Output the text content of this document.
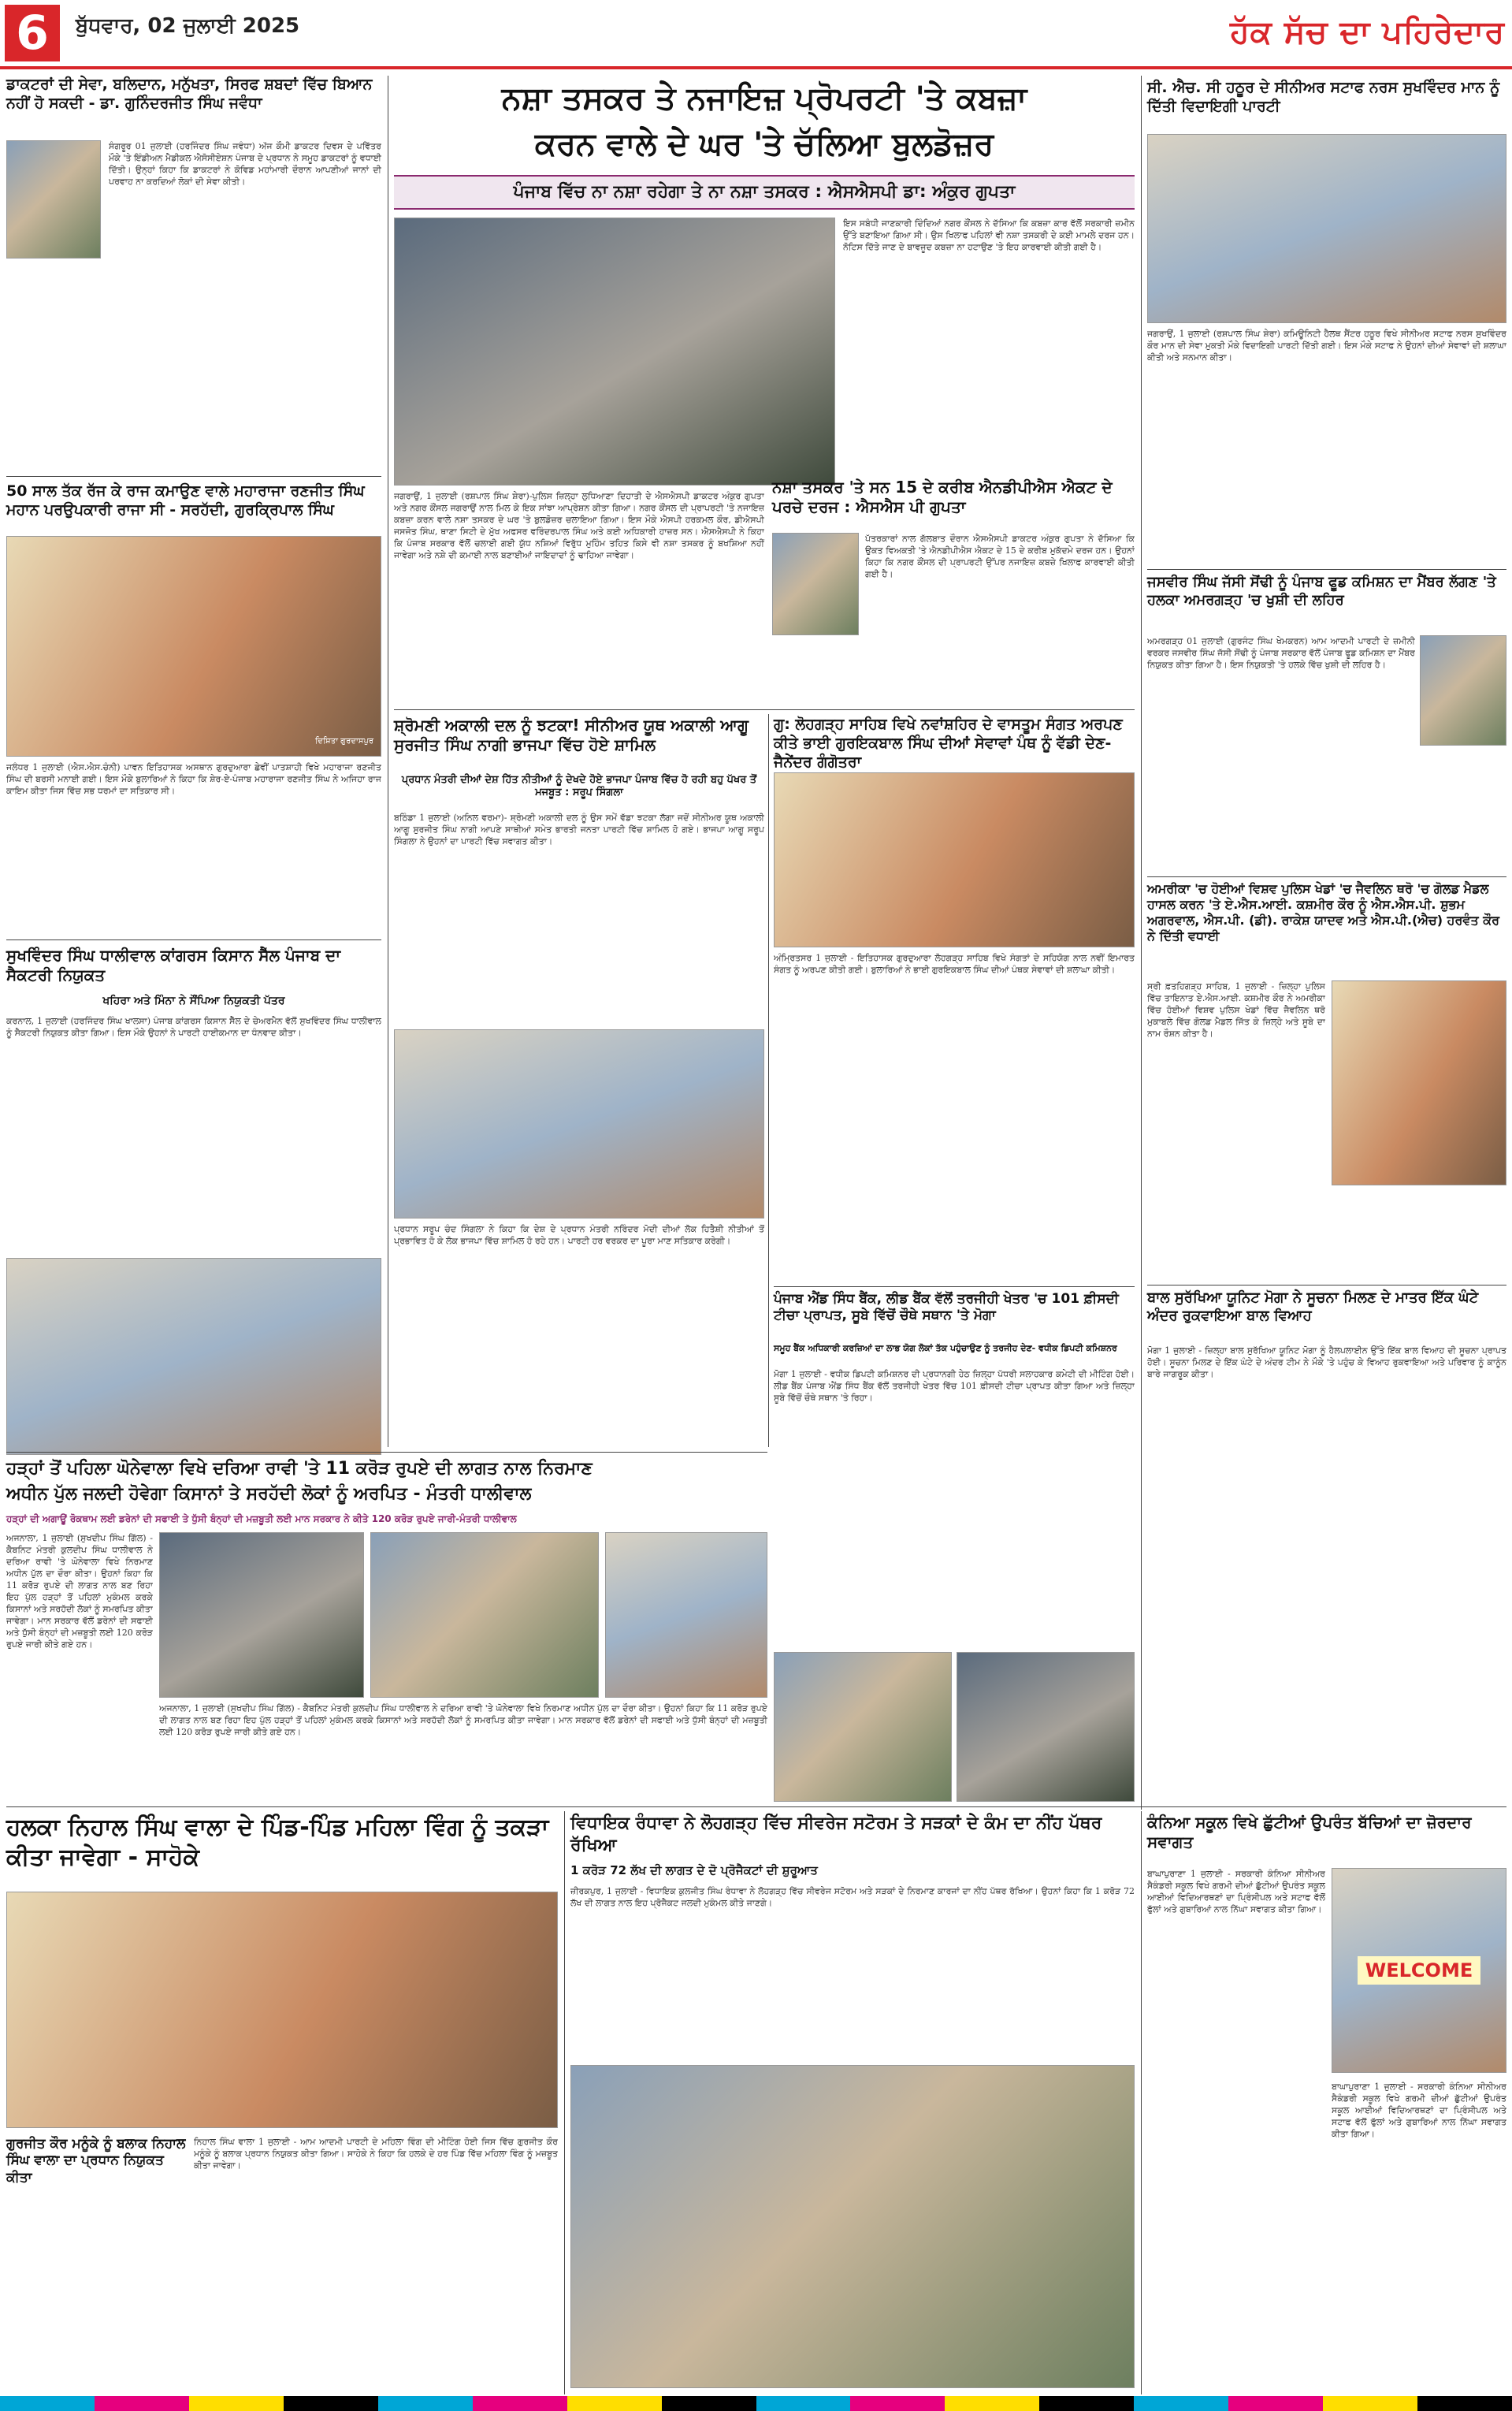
6	ਬੁੱਧਵਾਰ, 02 ਜੁਲਾਈ 2025	ਹੱਕ ਸੱਚ ਦਾ ਪਹਿਰੇਦਾਰ
ਡਾਕਟਰਾਂ ਦੀ ਸੇਵਾ, ਬਲਿਦਾਨ, ਮਨੁੱਖਤਾ, ਸਿਰਫ ਸ਼ਬਦਾਂ ਵਿੱਚ ਬਿਆਨ ਨਹੀਂ ਹੋ ਸਕਦੀ - ਡਾ. ਗੁਨਿੰਦਰਜੀਤ ਸਿੰਘ ਜਵੰਧਾ
ਸੰਗਰੂਰ 01 ਜੁਲਾਈ (ਹਰਜਿੰਦਰ ਸਿੰਘ ਜਵੰਧਾ) ਅੱਜ ਕੌਮੀ ਡਾਕਟਰ ਦਿਵਸ ਦੇ ਪਵਿੱਤਰ ਮੌਕੇ 'ਤੇ ਇੰਡੀਅਨ ਮੈਡੀਕਲ ਐਸੋਸੀਏਸ਼ਨ ਪੰਜਾਬ ਦੇ ਪ੍ਰਧਾਨ ਨੇ ਸਮੂਹ ਡਾਕਟਰਾਂ ਨੂੰ ਵਧਾਈ ਦਿੱਤੀ। ਉਨ੍ਹਾਂ ਕਿਹਾ ਕਿ ਡਾਕਟਰਾਂ ਨੇ ਕੋਵਿਡ ਮਹਾਂਮਾਰੀ ਦੌਰਾਨ ਆਪਣੀਆਂ ਜਾਨਾਂ ਦੀ ਪਰਵਾਹ ਨਾ ਕਰਦਿਆਂ ਲੋਕਾਂ ਦੀ ਸੇਵਾ ਕੀਤੀ।
50 ਸਾਲ ਤੱਕ ਰੱਜ ਕੇ ਰਾਜ ਕਮਾਉਣ ਵਾਲੇ ਮਹਾਰਾਜਾ ਰਣਜੀਤ ਸਿੰਘ ਮਹਾਨ ਪਰਉਪਕਾਰੀ ਰਾਜਾ ਸੀ - ਸਰਹੱਦੀ, ਗੁਰਕ੍ਰਿਪਾਲ ਸਿੰਘ
ਦਿਸ਼ਿਤਾ ਗੁਰਦਾਸਪੁਰ
ਜਲੰਧਰ 1 ਜੁਲਾਈ (ਐਸ.ਐਸ.ਚੰਨੀ) ਪਾਵਨ ਇਤਿਹਾਸਕ ਅਸਥਾਨ ਗੁਰਦੁਆਰਾ ਛੇਵੀਂ ਪਾਤਸ਼ਾਹੀ ਵਿਖੇ ਮਹਾਰਾਜਾ ਰਣਜੀਤ ਸਿੰਘ ਦੀ ਬਰਸੀ ਮਨਾਈ ਗਈ। ਇਸ ਮੌਕੇ ਬੁਲਾਰਿਆਂ ਨੇ ਕਿਹਾ ਕਿ ਸ਼ੇਰ-ਏ-ਪੰਜਾਬ ਮਹਾਰਾਜਾ ਰਣਜੀਤ ਸਿੰਘ ਨੇ ਅਜਿਹਾ ਰਾਜ ਕਾਇਮ ਕੀਤਾ ਜਿਸ ਵਿੱਚ ਸਭ ਧਰਮਾਂ ਦਾ ਸਤਿਕਾਰ ਸੀ।
ਸੁਖਵਿੰਦਰ ਸਿੰਘ ਧਾਲੀਵਾਲ ਕਾਂਗਰਸ ਕਿਸਾਨ ਸੈੱਲ ਪੰਜਾਬ ਦਾ ਸੈਕਟਰੀ ਨਿਯੁਕਤ
ਖਹਿਰਾ ਅਤੇ ਮਿੰਨਾ ਨੇ ਸੌਂਪਿਆ ਨਿਯੁਕਤੀ ਪੱਤਰ
ਕਰਨਾਲ, 1 ਜੁਲਾਈ (ਹਰਜਿੰਦਰ ਸਿੰਘ ਖਾਲਸਾ) ਪੰਜਾਬ ਕਾਂਗਰਸ ਕਿਸਾਨ ਸੈੱਲ ਦੇ ਚੇਅਰਮੈਨ ਵੱਲੋਂ ਸੁਖਵਿੰਦਰ ਸਿੰਘ ਧਾਲੀਵਾਲ ਨੂੰ ਸੈਕਟਰੀ ਨਿਯੁਕਤ ਕੀਤਾ ਗਿਆ। ਇਸ ਮੌਕੇ ਉਹਨਾਂ ਨੇ ਪਾਰਟੀ ਹਾਈਕਮਾਨ ਦਾ ਧੰਨਵਾਦ ਕੀਤਾ।
ਨਸ਼ਾ ਤਸਕਰ ਤੇ ਨਜਾਇਜ਼ ਪ੍ਰੋਪਰਟੀ 'ਤੇ ਕਬਜ਼ਾ
ਕਰਨ ਵਾਲੇ ਦੇ ਘਰ 'ਤੇ ਚੱਲਿਆ ਬੁਲਡੋਜ਼ਰ
ਪੰਜਾਬ ਵਿੱਚ ਨਾ ਨਸ਼ਾ ਰਹੇਗਾ ਤੇ ਨਾ ਨਸ਼ਾ ਤਸਕਰ : ਐਸਐਸਪੀ ਡਾ: ਅੰਕੁਰ ਗੁਪਤਾ
ਇਸ ਸਬੰਧੀ ਜਾਣਕਾਰੀ ਦਿੰਦਿਆਂ ਨਗਰ ਕੌਂਸਲ ਨੇ ਦੱਸਿਆ ਕਿ ਕਬਜ਼ਾ ਕਾਰ ਵੱਲੋਂ ਸਰਕਾਰੀ ਜ਼ਮੀਨ ਉੱਤੇ ਬਣਾਇਆ ਗਿਆ ਸੀ। ਉਸ ਖਿਲਾਫ ਪਹਿਲਾਂ ਵੀ ਨਸ਼ਾ ਤਸਕਰੀ ਦੇ ਕਈ ਮਾਮਲੇ ਦਰਜ ਹਨ। ਨੋਟਿਸ ਦਿੱਤੇ ਜਾਣ ਦੇ ਬਾਵਜੂਦ ਕਬਜ਼ਾ ਨਾ ਹਟਾਉਣ 'ਤੇ ਇਹ ਕਾਰਵਾਈ ਕੀਤੀ ਗਈ ਹੈ।
ਜਗਰਾਉਂ, 1 ਜੁਲਾਈ (ਰਸ਼ਪਾਲ ਸਿੰਘ ਸ਼ੇਰਾ)-ਪੁਲਿਸ ਜ਼ਿਲ੍ਹਾ ਲੁਧਿਆਣਾ ਦਿਹਾਤੀ ਦੇ ਐਸਐਸਪੀ ਡਾਕਟਰ ਅੰਕੁਰ ਗੁਪਤਾ ਅਤੇ ਨਗਰ ਕੌਂਸਲ ਜਗਰਾਉਂ ਨਾਲ ਮਿਲ ਕੇ ਇਕ ਸਾਂਝਾ ਆਪ੍ਰੇਸ਼ਨ ਕੀਤਾ ਗਿਆ। ਨਗਰ ਕੌਂਸਲ ਦੀ ਪ੍ਰਾਪਰਟੀ 'ਤੇ ਨਜਾਇਜ਼ ਕਬਜ਼ਾ ਕਰਨ ਵਾਲੇ ਨਸ਼ਾ ਤਸਕਰ ਦੇ ਘਰ 'ਤੇ ਬੁਲਡੋਜ਼ਰ ਚਲਾਇਆ ਗਿਆ। ਇਸ ਮੌਕੇ ਐਸਪੀ ਹਰਕਮਲ ਕੌਰ, ਡੀਐਸਪੀ ਜਸਜੋਤ ਸਿੰਘ, ਥਾਣਾ ਸਿਟੀ ਦੇ ਮੁੱਖ ਅਫਸਰ ਵਰਿੰਦਰਪਾਲ ਸਿੰਘ ਅਤੇ ਕਈ ਅਧਿਕਾਰੀ ਹਾਜ਼ਰ ਸਨ। ਐਸਐਸਪੀ ਨੇ ਕਿਹਾ ਕਿ ਪੰਜਾਬ ਸਰਕਾਰ ਵੱਲੋਂ ਚਲਾਈ ਗਈ ਯੁੱਧ ਨਸ਼ਿਆਂ ਵਿਰੁੱਧ ਮੁਹਿੰਮ ਤਹਿਤ ਕਿਸੇ ਵੀ ਨਸ਼ਾ ਤਸਕਰ ਨੂੰ ਬਖਸ਼ਿਆ ਨਹੀਂ ਜਾਵੇਗਾ ਅਤੇ ਨਸ਼ੇ ਦੀ ਕਮਾਈ ਨਾਲ ਬਣਾਈਆਂ ਜਾਇਦਾਦਾਂ ਨੂੰ ਢਾਹਿਆ ਜਾਵੇਗਾ।
ਨਸ਼ਾ ਤਸਕਰ 'ਤੇ ਸਨ 15 ਦੇ ਕਰੀਬ ਐਨਡੀਪੀਐਸ ਐਕਟ ਦੇ ਪਰਚੇ ਦਰਜ : ਐਸਐਸ ਪੀ ਗੁਪਤਾ
ਪੱਤਰਕਾਰਾਂ ਨਾਲ ਗੱਲਬਾਤ ਦੌਰਾਨ ਐਸਐਸਪੀ ਡਾਕਟਰ ਅੰਕੁਰ ਗੁਪਤਾ ਨੇ ਦੱਸਿਆ ਕਿ ਉਕਤ ਵਿਅਕਤੀ 'ਤੇ ਐਨਡੀਪੀਐਸ ਐਕਟ ਦੇ 15 ਦੇ ਕਰੀਬ ਮੁਕੱਦਮੇ ਦਰਜ ਹਨ। ਉਹਨਾਂ ਕਿਹਾ ਕਿ ਨਗਰ ਕੌਂਸਲ ਦੀ ਪ੍ਰਾਪਰਟੀ ਉੱਪਰ ਨਜਾਇਜ਼ ਕਬਜ਼ੇ ਖਿਲਾਫ ਕਾਰਵਾਈ ਕੀਤੀ ਗਈ ਹੈ।
ਸ਼੍ਰੋਮਣੀ ਅਕਾਲੀ ਦਲ ਨੂੰ ਝਟਕਾ! ਸੀਨੀਅਰ ਯੂਥ ਅਕਾਲੀ ਆਗੂ ਸੁਰਜੀਤ ਸਿੰਘ ਨਾਗੀ ਭਾਜਪਾ ਵਿੱਚ ਹੋਏ ਸ਼ਾਮਿਲ
ਪ੍ਰਧਾਨ ਮੰਤਰੀ ਦੀਆਂ ਦੇਸ਼ ਹਿੱਤ ਨੀਤੀਆਂ ਨੂੰ ਦੇਖਦੇ ਹੋਏ ਭਾਜਪਾ ਪੰਜਾਬ ਵਿੱਚ ਹੋ ਰਹੀ ਬਹੁ ਪੱਖਰ ਤੋਂ ਮਜਬੂਤ : ਸਰੂਪ ਸਿੰਗਲਾ
ਬਠਿੰਡਾ 1 ਜੁਲਾਈ (ਅਨਿਲ ਵਰਮਾ)- ਸ਼੍ਰੋਮਣੀ ਅਕਾਲੀ ਦਲ ਨੂੰ ਉਸ ਸਮੇਂ ਵੱਡਾ ਝਟਕਾ ਲੱਗਾ ਜਦੋਂ ਸੀਨੀਅਰ ਯੂਥ ਅਕਾਲੀ ਆਗੂ ਸੁਰਜੀਤ ਸਿੰਘ ਨਾਗੀ ਆਪਣੇ ਸਾਥੀਆਂ ਸਮੇਤ ਭਾਰਤੀ ਜਨਤਾ ਪਾਰਟੀ ਵਿੱਚ ਸ਼ਾਮਿਲ ਹੋ ਗਏ। ਭਾਜਪਾ ਆਗੂ ਸਰੂਪ ਸਿੰਗਲਾ ਨੇ ਉਹਨਾਂ ਦਾ ਪਾਰਟੀ ਵਿੱਚ ਸਵਾਗਤ ਕੀਤਾ।
ਪ੍ਰਧਾਨ ਸਰੂਪ ਚੰਦ ਸਿੰਗਲਾ ਨੇ ਕਿਹਾ ਕਿ ਦੇਸ਼ ਦੇ ਪ੍ਰਧਾਨ ਮੰਤਰੀ ਨਰਿੰਦਰ ਮੋਦੀ ਦੀਆਂ ਲੋਕ ਹਿਤੈਸ਼ੀ ਨੀਤੀਆਂ ਤੋਂ ਪ੍ਰਭਾਵਿਤ ਹੋ ਕੇ ਲੋਕ ਭਾਜਪਾ ਵਿੱਚ ਸ਼ਾਮਿਲ ਹੋ ਰਹੇ ਹਨ। ਪਾਰਟੀ ਹਰ ਵਰਕਰ ਦਾ ਪੂਰਾ ਮਾਣ ਸਤਿਕਾਰ ਕਰੇਗੀ।
ਗੁ: ਲੋਹਗੜ੍ਹ ਸਾਹਿਬ ਵਿਖੇ ਨਵਾਂਸ਼ਹਿਰ ਦੇ ਵਾਸਤੂਮ ਸੰਗਤ ਅਰਪਣ ਕੀਤੇ ਭਾਈ ਗੁਰਇਕਬਾਲ ਸਿੰਘ ਦੀਆਂ ਸੇਵਾਵਾਂ ਪੰਥ ਨੂੰ ਵੱਡੀ ਦੇਣ- ਜੈਨੇਂਦਰ ਗੰਗੋਤਰਾ
ਅੰਮ੍ਰਿਤਸਰ 1 ਜੁਲਾਈ - ਇਤਿਹਾਸਕ ਗੁਰਦੁਆਰਾ ਲੋਹਗੜ੍ਹ ਸਾਹਿਬ ਵਿਖੇ ਸੰਗਤਾਂ ਦੇ ਸਹਿਯੋਗ ਨਾਲ ਨਵੀਂ ਇਮਾਰਤ ਸੰਗਤ ਨੂੰ ਅਰਪਣ ਕੀਤੀ ਗਈ। ਬੁਲਾਰਿਆਂ ਨੇ ਭਾਈ ਗੁਰਇਕਬਾਲ ਸਿੰਘ ਦੀਆਂ ਪੰਥਕ ਸੇਵਾਵਾਂ ਦੀ ਸ਼ਲਾਘਾ ਕੀਤੀ।
ਪੰਜਾਬ ਐਂਡ ਸਿੰਧ ਬੈਂਕ, ਲੀਡ ਬੈਂਕ ਵੱਲੋਂ ਤਰਜੀਹੀ ਖੇਤਰ 'ਚ 101 ਫ਼ੀਸਦੀ ਟੀਚਾ ਪ੍ਰਾਪਤ, ਸੂਬੇ ਵਿੱਚੋਂ ਚੌਥੇ ਸਥਾਨ 'ਤੇ ਮੋਗਾ
ਸਮੂਹ ਬੈਂਕ ਅਧਿਕਾਰੀ ਕਰਜ਼ਿਆਂ ਦਾ ਲਾਭ ਯੋਗ ਲੋਕਾਂ ਤੱਕ ਪਹੁੰਚਾਉਣ ਨੂੰ ਤਰਜੀਹ ਦੇਣ- ਵਧੀਕ ਡਿਪਟੀ ਕਮਿਸ਼ਨਰ
ਮੋਗਾ 1 ਜੁਲਾਈ - ਵਧੀਕ ਡਿਪਟੀ ਕਮਿਸ਼ਨਰ ਦੀ ਪ੍ਰਧਾਨਗੀ ਹੇਠ ਜ਼ਿਲ੍ਹਾ ਪੱਧਰੀ ਸਲਾਹਕਾਰ ਕਮੇਟੀ ਦੀ ਮੀਟਿੰਗ ਹੋਈ। ਲੀਡ ਬੈਂਕ ਪੰਜਾਬ ਐਂਡ ਸਿੰਧ ਬੈਂਕ ਵੱਲੋਂ ਤਰਜੀਹੀ ਖੇਤਰ ਵਿੱਚ 101 ਫ਼ੀਸਦੀ ਟੀਚਾ ਪ੍ਰਾਪਤ ਕੀਤਾ ਗਿਆ ਅਤੇ ਜ਼ਿਲ੍ਹਾ ਸੂਬੇ ਵਿੱਚੋਂ ਚੌਥੇ ਸਥਾਨ 'ਤੇ ਰਿਹਾ।
ਸੀ. ਐਚ. ਸੀ ਹਠੂਰ ਦੇ ਸੀਨੀਅਰ ਸਟਾਫ ਨਰਸ ਸੁਖਵਿੰਦਰ ਮਾਨ ਨੂੰ ਦਿੱਤੀ ਵਿਦਾਇਗੀ ਪਾਰਟੀ
ਜਗਰਾਉਂ, 1 ਜੁਲਾਈ (ਰਸ਼ਪਾਲ ਸਿੰਘ ਸ਼ੇਰਾ) ਕਮਿਊਨਿਟੀ ਹੈਲਥ ਸੈਂਟਰ ਹਠੂਰ ਵਿਖੇ ਸੀਨੀਅਰ ਸਟਾਫ ਨਰਸ ਸੁਖਵਿੰਦਰ ਕੌਰ ਮਾਨ ਦੀ ਸੇਵਾ ਮੁਕਤੀ ਮੌਕੇ ਵਿਦਾਇਗੀ ਪਾਰਟੀ ਦਿੱਤੀ ਗਈ। ਇਸ ਮੌਕੇ ਸਟਾਫ ਨੇ ਉਹਨਾਂ ਦੀਆਂ ਸੇਵਾਵਾਂ ਦੀ ਸ਼ਲਾਘਾ ਕੀਤੀ ਅਤੇ ਸਨਮਾਨ ਕੀਤਾ।
ਜਸਵੀਰ ਸਿੰਘ ਜੱਸੀ ਸੋਂਢੀ ਨੂੰ ਪੰਜਾਬ ਫੂਡ ਕਮਿਸ਼ਨ ਦਾ ਮੈਂਬਰ ਲੱਗਣ 'ਤੇ ਹਲਕਾ ਅਮਰਗੜ੍ਹ 'ਚ ਖੁਸ਼ੀ ਦੀ ਲਹਿਰ
ਅਮਰਗੜ੍ਹ 01 ਜੁਲਾਈ (ਗੁਰਜੰਟ ਸਿੰਘ ਖੇਮਕਰਨ) ਆਮ ਆਦਮੀ ਪਾਰਟੀ ਦੇ ਜ਼ਮੀਨੀ ਵਰਕਰ ਜਸਵੀਰ ਸਿੰਘ ਜੱਸੀ ਸੋਂਢੀ ਨੂੰ ਪੰਜਾਬ ਸਰਕਾਰ ਵੱਲੋਂ ਪੰਜਾਬ ਫੂਡ ਕਮਿਸ਼ਨ ਦਾ ਮੈਂਬਰ ਨਿਯੁਕਤ ਕੀਤਾ ਗਿਆ ਹੈ। ਇਸ ਨਿਯੁਕਤੀ 'ਤੇ ਹਲਕੇ ਵਿੱਚ ਖੁਸ਼ੀ ਦੀ ਲਹਿਰ ਹੈ।
ਅਮਰੀਕਾ 'ਚ ਹੋਈਆਂ ਵਿਸ਼ਵ ਪੁਲਿਸ ਖੇਡਾਂ 'ਚ ਜੈਵਲਿਨ ਥਰੋ 'ਚ ਗੋਲਡ ਮੈਡਲ ਹਾਸਲ ਕਰਨ 'ਤੇ ਏ.ਐਸ.ਆਈ. ਕਸ਼ਮੀਰ ਕੌਰ ਨੂੰ ਐਸ.ਐਸ.ਪੀ. ਸ਼ੁਭਮ ਅਗਰਵਾਲ, ਐਸ.ਪੀ. (ਡੀ). ਰਾਕੇਸ਼ ਯਾਦਵ ਅਤੇ ਐਸ.ਪੀ.(ਐਚ) ਹਰਵੰਤ ਕੌਰ ਨੇ ਦਿੱਤੀ ਵਧਾਈ
ਸ੍ਰੀ ਫ਼ਤਹਿਗੜ੍ਹ ਸਾਹਿਬ, 1 ਜੁਲਾਈ - ਜ਼ਿਲ੍ਹਾ ਪੁਲਿਸ ਵਿੱਚ ਤਾਇਨਾਤ ਏ.ਐਸ.ਆਈ. ਕਸ਼ਮੀਰ ਕੌਰ ਨੇ ਅਮਰੀਕਾ ਵਿੱਚ ਹੋਈਆਂ ਵਿਸ਼ਵ ਪੁਲਿਸ ਖੇਡਾਂ ਵਿੱਚ ਜੈਵਲਿਨ ਥਰੋ ਮੁਕਾਬਲੇ ਵਿੱਚ ਗੋਲਡ ਮੈਡਲ ਜਿੱਤ ਕੇ ਜ਼ਿਲ੍ਹੇ ਅਤੇ ਸੂਬੇ ਦਾ ਨਾਮ ਰੌਸ਼ਨ ਕੀਤਾ ਹੈ।
ਬਾਲ ਸੁਰੱਖਿਆ ਯੂਨਿਟ ਮੋਗਾ ਨੇ ਸੂਚਨਾ ਮਿਲਣ ਦੇ ਮਾਤਰ ਇੱਕ ਘੰਟੇ ਅੰਦਰ ਰੁਕਵਾਇਆ ਬਾਲ ਵਿਆਹ
ਮੋਗਾ 1 ਜੁਲਾਈ - ਜ਼ਿਲ੍ਹਾ ਬਾਲ ਸੁਰੱਖਿਆ ਯੂਨਿਟ ਮੋਗਾ ਨੂੰ ਹੈਲਪਲਾਈਨ ਉੱਤੇ ਇੱਕ ਬਾਲ ਵਿਆਹ ਦੀ ਸੂਚਨਾ ਪ੍ਰਾਪਤ ਹੋਈ। ਸੂਚਨਾ ਮਿਲਣ ਦੇ ਇੱਕ ਘੰਟੇ ਦੇ ਅੰਦਰ ਟੀਮ ਨੇ ਮੌਕੇ 'ਤੇ ਪਹੁੰਚ ਕੇ ਵਿਆਹ ਰੁਕਵਾਇਆ ਅਤੇ ਪਰਿਵਾਰ ਨੂੰ ਕਾਨੂੰਨ ਬਾਰੇ ਜਾਗਰੂਕ ਕੀਤਾ।
ਹੜ੍ਹਾਂ ਤੋਂ ਪਹਿਲਾ ਘੋਨੇਵਾਲਾ ਵਿਖੇ ਦਰਿਆ ਰਾਵੀ 'ਤੇ 11 ਕਰੋੜ ਰੁਪਏ ਦੀ ਲਾਗਤ ਨਾਲ ਨਿਰਮਾਣ
ਅਧੀਨ ਪੁੱਲ ਜਲਦੀ ਹੋਵੇਗਾ ਕਿਸਾਨਾਂ ਤੇ ਸਰਹੱਦੀ ਲੋਕਾਂ ਨੂੰ ਅਰਪਿਤ - ਮੰਤਰੀ ਧਾਲੀਵਾਲ
ਹੜ੍ਹਾਂ ਦੀ ਅਗਾਊਂ ਰੋਕਥਾਮ ਲਈ ਡਰੇਨਾਂ ਦੀ ਸਫਾਈ ਤੇ ਧੁੱਸੀ ਬੰਨ੍ਹਾਂ ਦੀ ਮਜ਼ਬੂਤੀ ਲਈ ਮਾਨ ਸਰਕਾਰ ਨੇ ਕੀਤੇ 120 ਕਰੋੜ ਰੁਪਏ ਜਾਰੀ-ਮੰਤਰੀ ਧਾਲੀਵਾਲ
ਅਜਨਾਲਾ, 1 ਜੁਲਾਈ (ਸੁਖਦੀਪ ਸਿੰਘ ਗਿੱਲ) - ਕੈਬਨਿਟ ਮੰਤਰੀ ਕੁਲਦੀਪ ਸਿੰਘ ਧਾਲੀਵਾਲ ਨੇ ਦਰਿਆ ਰਾਵੀ 'ਤੇ ਘੋਨੇਵਾਲਾ ਵਿਖੇ ਨਿਰਮਾਣ ਅਧੀਨ ਪੁੱਲ ਦਾ ਦੌਰਾ ਕੀਤਾ। ਉਹਨਾਂ ਕਿਹਾ ਕਿ 11 ਕਰੋੜ ਰੁਪਏ ਦੀ ਲਾਗਤ ਨਾਲ ਬਣ ਰਿਹਾ ਇਹ ਪੁੱਲ ਹੜ੍ਹਾਂ ਤੋਂ ਪਹਿਲਾਂ ਮੁਕੰਮਲ ਕਰਕੇ ਕਿਸਾਨਾਂ ਅਤੇ ਸਰਹੱਦੀ ਲੋਕਾਂ ਨੂੰ ਸਮਰਪਿਤ ਕੀਤਾ ਜਾਵੇਗਾ। ਮਾਨ ਸਰਕਾਰ ਵੱਲੋਂ ਡਰੇਨਾਂ ਦੀ ਸਫਾਈ ਅਤੇ ਧੁੱਸੀ ਬੰਨ੍ਹਾਂ ਦੀ ਮਜ਼ਬੂਤੀ ਲਈ 120 ਕਰੋੜ ਰੁਪਏ ਜਾਰੀ ਕੀਤੇ ਗਏ ਹਨ।
ਅਜਨਾਲਾ, 1 ਜੁਲਾਈ (ਸੁਖਦੀਪ ਸਿੰਘ ਗਿੱਲ) - ਕੈਬਨਿਟ ਮੰਤਰੀ ਕੁਲਦੀਪ ਸਿੰਘ ਧਾਲੀਵਾਲ ਨੇ ਦਰਿਆ ਰਾਵੀ 'ਤੇ ਘੋਨੇਵਾਲਾ ਵਿਖੇ ਨਿਰਮਾਣ ਅਧੀਨ ਪੁੱਲ ਦਾ ਦੌਰਾ ਕੀਤਾ। ਉਹਨਾਂ ਕਿਹਾ ਕਿ 11 ਕਰੋੜ ਰੁਪਏ ਦੀ ਲਾਗਤ ਨਾਲ ਬਣ ਰਿਹਾ ਇਹ ਪੁੱਲ ਹੜ੍ਹਾਂ ਤੋਂ ਪਹਿਲਾਂ ਮੁਕੰਮਲ ਕਰਕੇ ਕਿਸਾਨਾਂ ਅਤੇ ਸਰਹੱਦੀ ਲੋਕਾਂ ਨੂੰ ਸਮਰਪਿਤ ਕੀਤਾ ਜਾਵੇਗਾ। ਮਾਨ ਸਰਕਾਰ ਵੱਲੋਂ ਡਰੇਨਾਂ ਦੀ ਸਫਾਈ ਅਤੇ ਧੁੱਸੀ ਬੰਨ੍ਹਾਂ ਦੀ ਮਜ਼ਬੂਤੀ ਲਈ 120 ਕਰੋੜ ਰੁਪਏ ਜਾਰੀ ਕੀਤੇ ਗਏ ਹਨ।
ਹਲਕਾ ਨਿਹਾਲ ਸਿੰਘ ਵਾਲਾ ਦੇ ਪਿੰਡ-ਪਿੰਡ ਮਹਿਲਾ ਵਿੰਗ ਨੂੰ ਤਕੜਾ ਕੀਤਾ ਜਾਵੇਗਾ - ਸਾਹੋਕੇ
ਗੁਰਜੀਤ ਕੌਰ ਮਨੂੰਕੇ ਨੂੰ ਬਲਾਕ ਨਿਹਾਲ ਸਿੰਘ ਵਾਲਾ ਦਾ ਪ੍ਰਧਾਨ ਨਿਯੁਕਤ ਕੀਤਾ
ਨਿਹਾਲ ਸਿੰਘ ਵਾਲਾ 1 ਜੁਲਾਈ - ਆਮ ਆਦਮੀ ਪਾਰਟੀ ਦੇ ਮਹਿਲਾ ਵਿੰਗ ਦੀ ਮੀਟਿੰਗ ਹੋਈ ਜਿਸ ਵਿੱਚ ਗੁਰਜੀਤ ਕੌਰ ਮਨੂੰਕੇ ਨੂੰ ਬਲਾਕ ਪ੍ਰਧਾਨ ਨਿਯੁਕਤ ਕੀਤਾ ਗਿਆ। ਸਾਹੋਕੇ ਨੇ ਕਿਹਾ ਕਿ ਹਲਕੇ ਦੇ ਹਰ ਪਿੰਡ ਵਿੱਚ ਮਹਿਲਾ ਵਿੰਗ ਨੂੰ ਮਜ਼ਬੂਤ ਕੀਤਾ ਜਾਵੇਗਾ।
ਵਿਧਾਇਕ ਰੰਧਾਵਾ ਨੇ ਲੋਹਗੜ੍ਹ ਵਿੱਚ ਸੀਵਰੇਜ ਸਟੋਰਮ ਤੇ ਸੜਕਾਂ ਦੇ ਕੰਮ ਦਾ ਨੀਂਹ ਪੱਥਰ ਰੱਖਿਆ
1 ਕਰੋੜ 72 ਲੱਖ ਦੀ ਲਾਗਤ ਦੇ ਦੋ ਪ੍ਰੋਜੈਕਟਾਂ ਦੀ ਸ਼ੁਰੂਆਤ
ਜ਼ੀਰਕਪੁਰ, 1 ਜੁਲਾਈ - ਵਿਧਾਇਕ ਕੁਲਜੀਤ ਸਿੰਘ ਰੰਧਾਵਾ ਨੇ ਲੋਹਗੜ੍ਹ ਵਿੱਚ ਸੀਵਰੇਜ ਸਟੋਰਮ ਅਤੇ ਸੜਕਾਂ ਦੇ ਨਿਰਮਾਣ ਕਾਰਜਾਂ ਦਾ ਨੀਂਹ ਪੱਥਰ ਰੱਖਿਆ। ਉਹਨਾਂ ਕਿਹਾ ਕਿ 1 ਕਰੋੜ 72 ਲੱਖ ਦੀ ਲਾਗਤ ਨਾਲ ਇਹ ਪ੍ਰੋਜੈਕਟ ਜਲਦੀ ਮੁਕੰਮਲ ਕੀਤੇ ਜਾਣਗੇ।
ਕੰਨਿਆ ਸਕੂਲ ਵਿਖੇ ਛੁੱਟੀਆਂ ਉਪਰੰਤ ਬੱਚਿਆਂ ਦਾ ਜ਼ੋਰਦਾਰ ਸਵਾਗਤ
ਬਾਘਾਪੁਰਾਣਾ 1 ਜੁਲਾਈ - ਸਰਕਾਰੀ ਕੰਨਿਆ ਸੀਨੀਅਰ ਸੈਕੰਡਰੀ ਸਕੂਲ ਵਿਖੇ ਗਰਮੀ ਦੀਆਂ ਛੁੱਟੀਆਂ ਉਪਰੰਤ ਸਕੂਲ ਆਈਆਂ ਵਿਦਿਆਰਥਣਾਂ ਦਾ ਪ੍ਰਿੰਸੀਪਲ ਅਤੇ ਸਟਾਫ ਵੱਲੋਂ ਫੁੱਲਾਂ ਅਤੇ ਗੁਬਾਰਿਆਂ ਨਾਲ ਨਿੱਘਾ ਸਵਾਗਤ ਕੀਤਾ ਗਿਆ।
WELCOME
ਬਾਘਾਪੁਰਾਣਾ 1 ਜੁਲਾਈ - ਸਰਕਾਰੀ ਕੰਨਿਆ ਸੀਨੀਅਰ ਸੈਕੰਡਰੀ ਸਕੂਲ ਵਿਖੇ ਗਰਮੀ ਦੀਆਂ ਛੁੱਟੀਆਂ ਉਪਰੰਤ ਸਕੂਲ ਆਈਆਂ ਵਿਦਿਆਰਥਣਾਂ ਦਾ ਪ੍ਰਿੰਸੀਪਲ ਅਤੇ ਸਟਾਫ ਵੱਲੋਂ ਫੁੱਲਾਂ ਅਤੇ ਗੁਬਾਰਿਆਂ ਨਾਲ ਨਿੱਘਾ ਸਵਾਗਤ ਕੀਤਾ ਗਿਆ।
